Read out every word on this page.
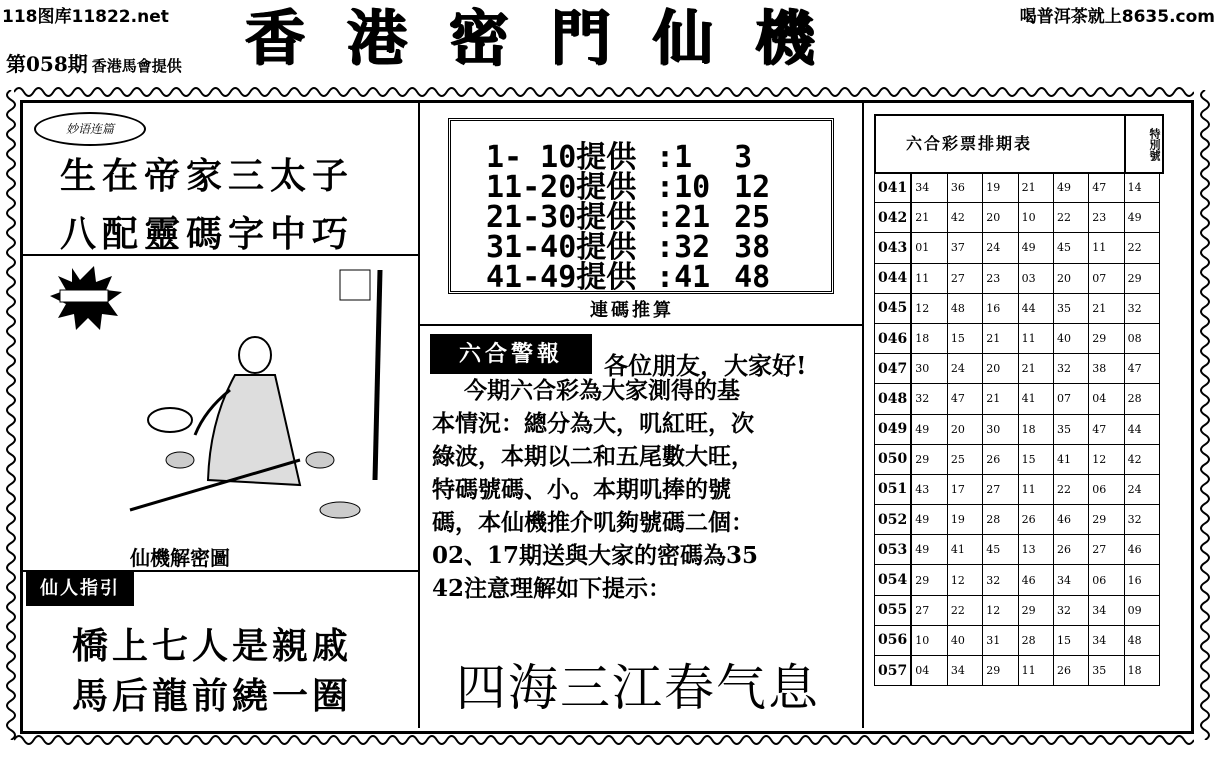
118图库11822.net	喝普洱茶就上8635.com
香港密門仙機
第058期 香港馬會提供
妙语连篇
生在帝家三太子
八配靈碼字中巧
仙機解密圖
仙人指引
橋上七人是親戚
馬后龍前繞一圈
1- 10提供 :1 3
11-20提供 :10 12
21-30提供 :21 25
31-40提供 :32 38
41-49提供 :41 48
連碼推算
六合警報	各位朋友，大家好!
今期六合彩為大家測得的基
本情況：總分為大，叽紅旺，次
綠波，本期以二和五尾數大旺，
特碼號碼、小。本期叽捧的號
碼，本仙機推介叽夠號碼二個：
02、17期送與大家的密碼為35
42注意理解如下提示：
四海三江春气息
六合彩票排期表	特別號
041	34	36	19	21	49	47	14
042	21	42	20	10	22	23	49
043	01	37	24	49	45	11	22
044	11	27	23	03	20	07	29
045	12	48	16	44	35	21	32
046	18	15	21	11	40	29	08
047	30	24	20	21	32	38	47
048	32	47	21	41	07	04	28
049	49	20	30	18	35	47	44
050	29	25	26	15	41	12	42
051	43	17	27	11	22	06	24
052	49	19	28	26	46	29	32
053	49	41	45	13	26	27	46
054	29	12	32	46	34	06	16
055	27	22	12	29	32	34	09
056	10	40	31	28	15	34	48
057	04	34	29	11	26	35	18
